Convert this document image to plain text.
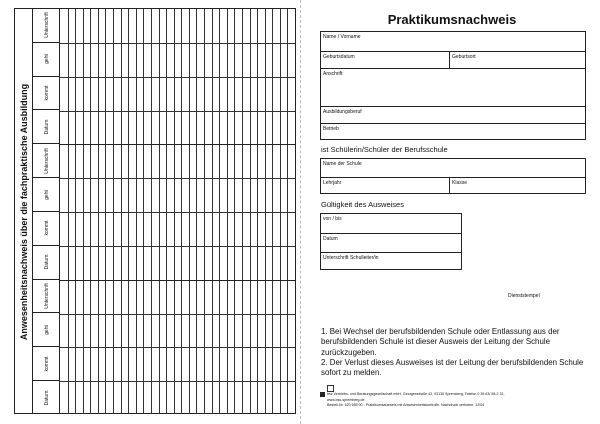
Anwesenheitsnachweis über die fachpraktische Ausbildung
Unterschrift
geht
kommt
Datum
Unterschrift
geht
kommt
Datum
Unterschrift
geht
kommt
Datum
Praktikumsnachweis
Name / Vorname
Geburtsdatum	Geburtsort
Anschrift
Ausbildungsberuf
Betrieb
ist Schülerin/Schüler der Berufsschule
Name der Schule
Lehrjahr	Klasse
Gültigkeit des Ausweises
von / bis
Datum
Unterschrift Schulleiter/in
Dienststempel

1. Bei Wechsel der berufsbildenden Schule oder Entlassung aus der berufsbildenden Schule ist dieser Ausweis der Leitung der Schule zurückzugeben.

2. Der Verlust dieses Ausweises ist der Leitung der berufsbildenden Schule sofort zu melden.

bsv Vertriebs- und Beratungsgesellschaft mbH, Georgenstraße 43, 03130 Spremberg, Telefon 0 35 63/ 58-2 31,
www.bsv-spremberg.de
Bestell-Nr. 520 555 00 - Praktikumsausweis mit Anwesenheitskontrolle. Nachdruck verboten. 12/04
